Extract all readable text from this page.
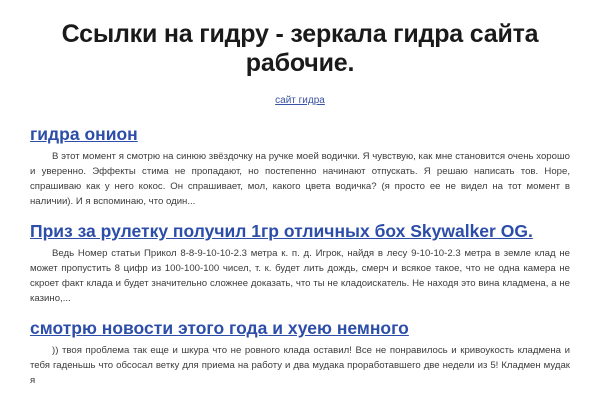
Ссылки на гидру - зеркала гидра сайта рабочие.
сайт гидра
гидра онион

В этот момент я смотрю на синюю звёздочку на ручке моей водички. Я чувствую, как мне становится очень хорошо и уверенно. Эффекты стима не пропадают, но постепенно начинают отпускать. Я решаю написать тов. Норе, спрашиваю как у него кокос. Он спрашивает, мол, какого цвета водичка? (я просто ее не видел на тот момент в наличии). И я вспоминаю, что один...

Приз за рулетку получил 1гр отличных бох Skywalker OG.

Ведь Номер статьи Прикол 8-8-9-10-10-2.3 метра к. п. д. Игрок, найдя в лесу 9-10-10-2.3 метра в земле клад не может пропустить 8 цифр из 100-100-100 чисел, т. к. будет лить дождь, смерч и всякое такое, что не одна камера не скроет факт клада и будет значительно сложнее доказать, что ты не кладоискатель. Не находя это вина кладмена, а не казино,...

смотрю новости этого года и хуею немного

)) твоя проблема так еще и шкура что не ровного клада оставил! Все не понравилось и кривоукость кладмена и тебя гаденьшь что обсосал ветку для приема на работу и два мудака проработавшего две недели из 5! Кладмен мудак я
